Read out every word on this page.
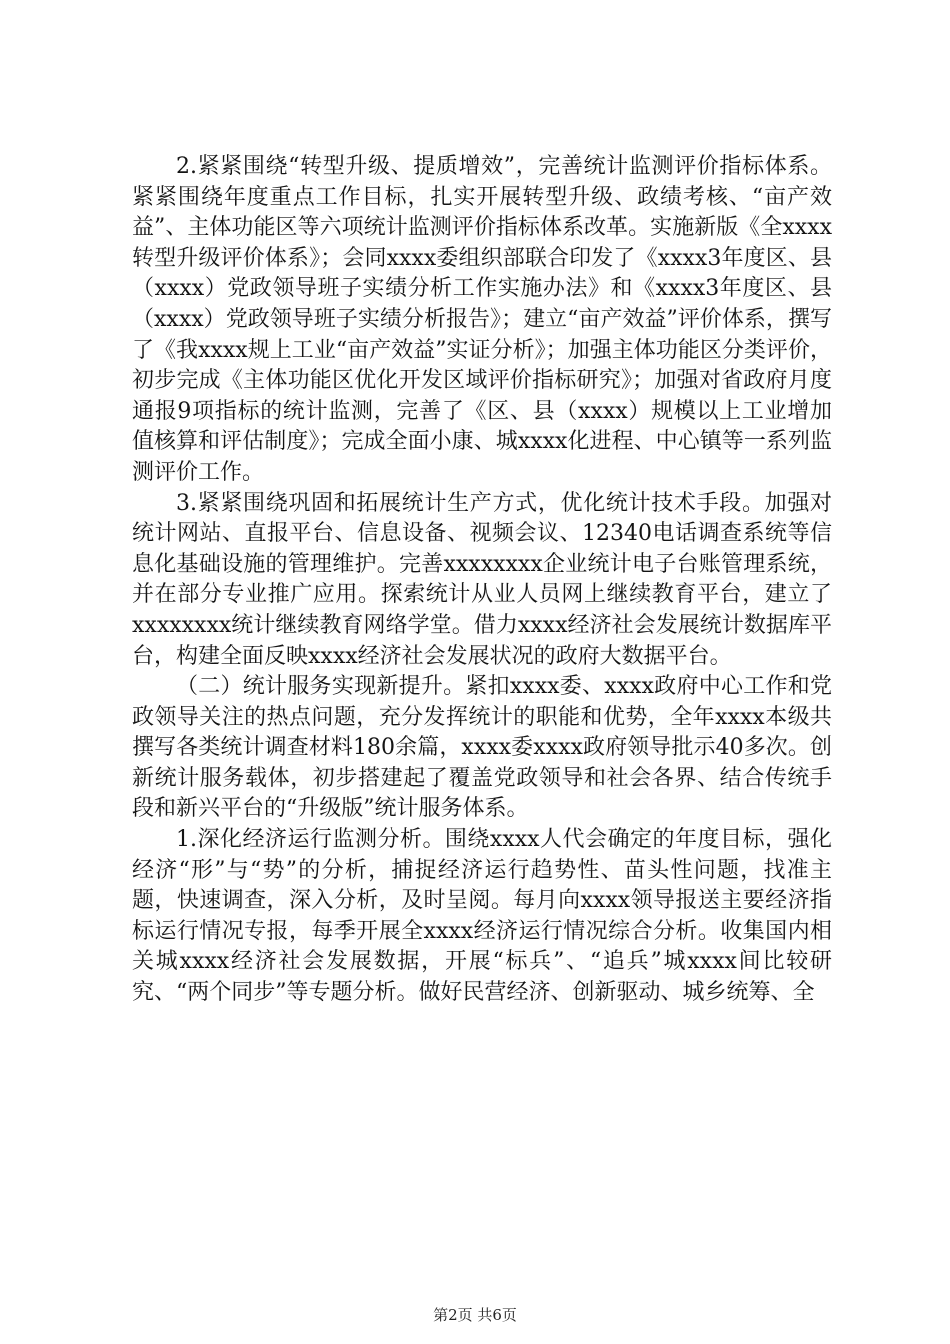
2.紧紧围绕“转型升级、提质增效”，完善统计监测评价指标体系。紧紧围绕年度重点工作目标，扎实开展转型升级、政绩考核、“亩产效益”、主体功能区等六项统计监测评价指标体系改革。实施新版《全xxxx转型升级评价体系》；会同xxxx委组织部联合印发了《xxxx3年度区、县（xxxx）党政领导班子实绩分析工作实施办法》和《xxxx3年度区、县（xxxx）党政领导班子实绩分析报告》；建立“亩产效益”评价体系，撰写了《我xxxx规上工业“亩产效益”实证分析》；加强主体功能区分类评价，初步完成《主体功能区优化开发区域评价指标研究》；加强对省政府月度通报9项指标的统计监测，完善了《区、县（xxxx）规模以上工业增加值核算和评估制度》；完成全面小康、城xxxx化进程、中心镇等一系列监测评价工作。

3.紧紧围绕巩固和拓展统计生产方式，优化统计技术手段。加强对统计网站、直报平台、信息设备、视频会议、12340电话调查系统等信息化基础设施的管理维护。完善xxxxxxxx企业统计电子台账管理系统，并在部分专业推广应用。探索统计从业人员网上继续教育平台，建立了xxxxxxxx统计继续教育网络学堂。借力xxxx经济社会发展统计数据库平台，构建全面反映xxxx经济社会发展状况的政府大数据平台。

（二）统计服务实现新提升。紧扣xxxx委、xxxx政府中心工作和党政领导关注的热点问题，充分发挥统计的职能和优势，全年xxxx本级共撰写各类统计调查材料180余篇，xxxx委xxxx政府领导批示40多次。创新统计服务载体，初步搭建起了覆盖党政领导和社会各界、结合传统手段和新兴平台的“升级版”统计服务体系。

1.深化经济运行监测分析。围绕xxxx人代会确定的年度目标，强化经济“形”与“势”的分析，捕捉经济运行趋势性、苗头性问题，找准主题，快速调查，深入分析，及时呈阅。每月向xxxx领导报送主要经济指标运行情况专报，每季开展全xxxx经济运行情况综合分析。收集国内相关城xxxx经济社会发展数据，开展“标兵”、“追兵”城xxxx间比较研究、“两个同步”等专题分析。做好民营经济、创新驱动、城乡统筹、全

第2页 共6页
